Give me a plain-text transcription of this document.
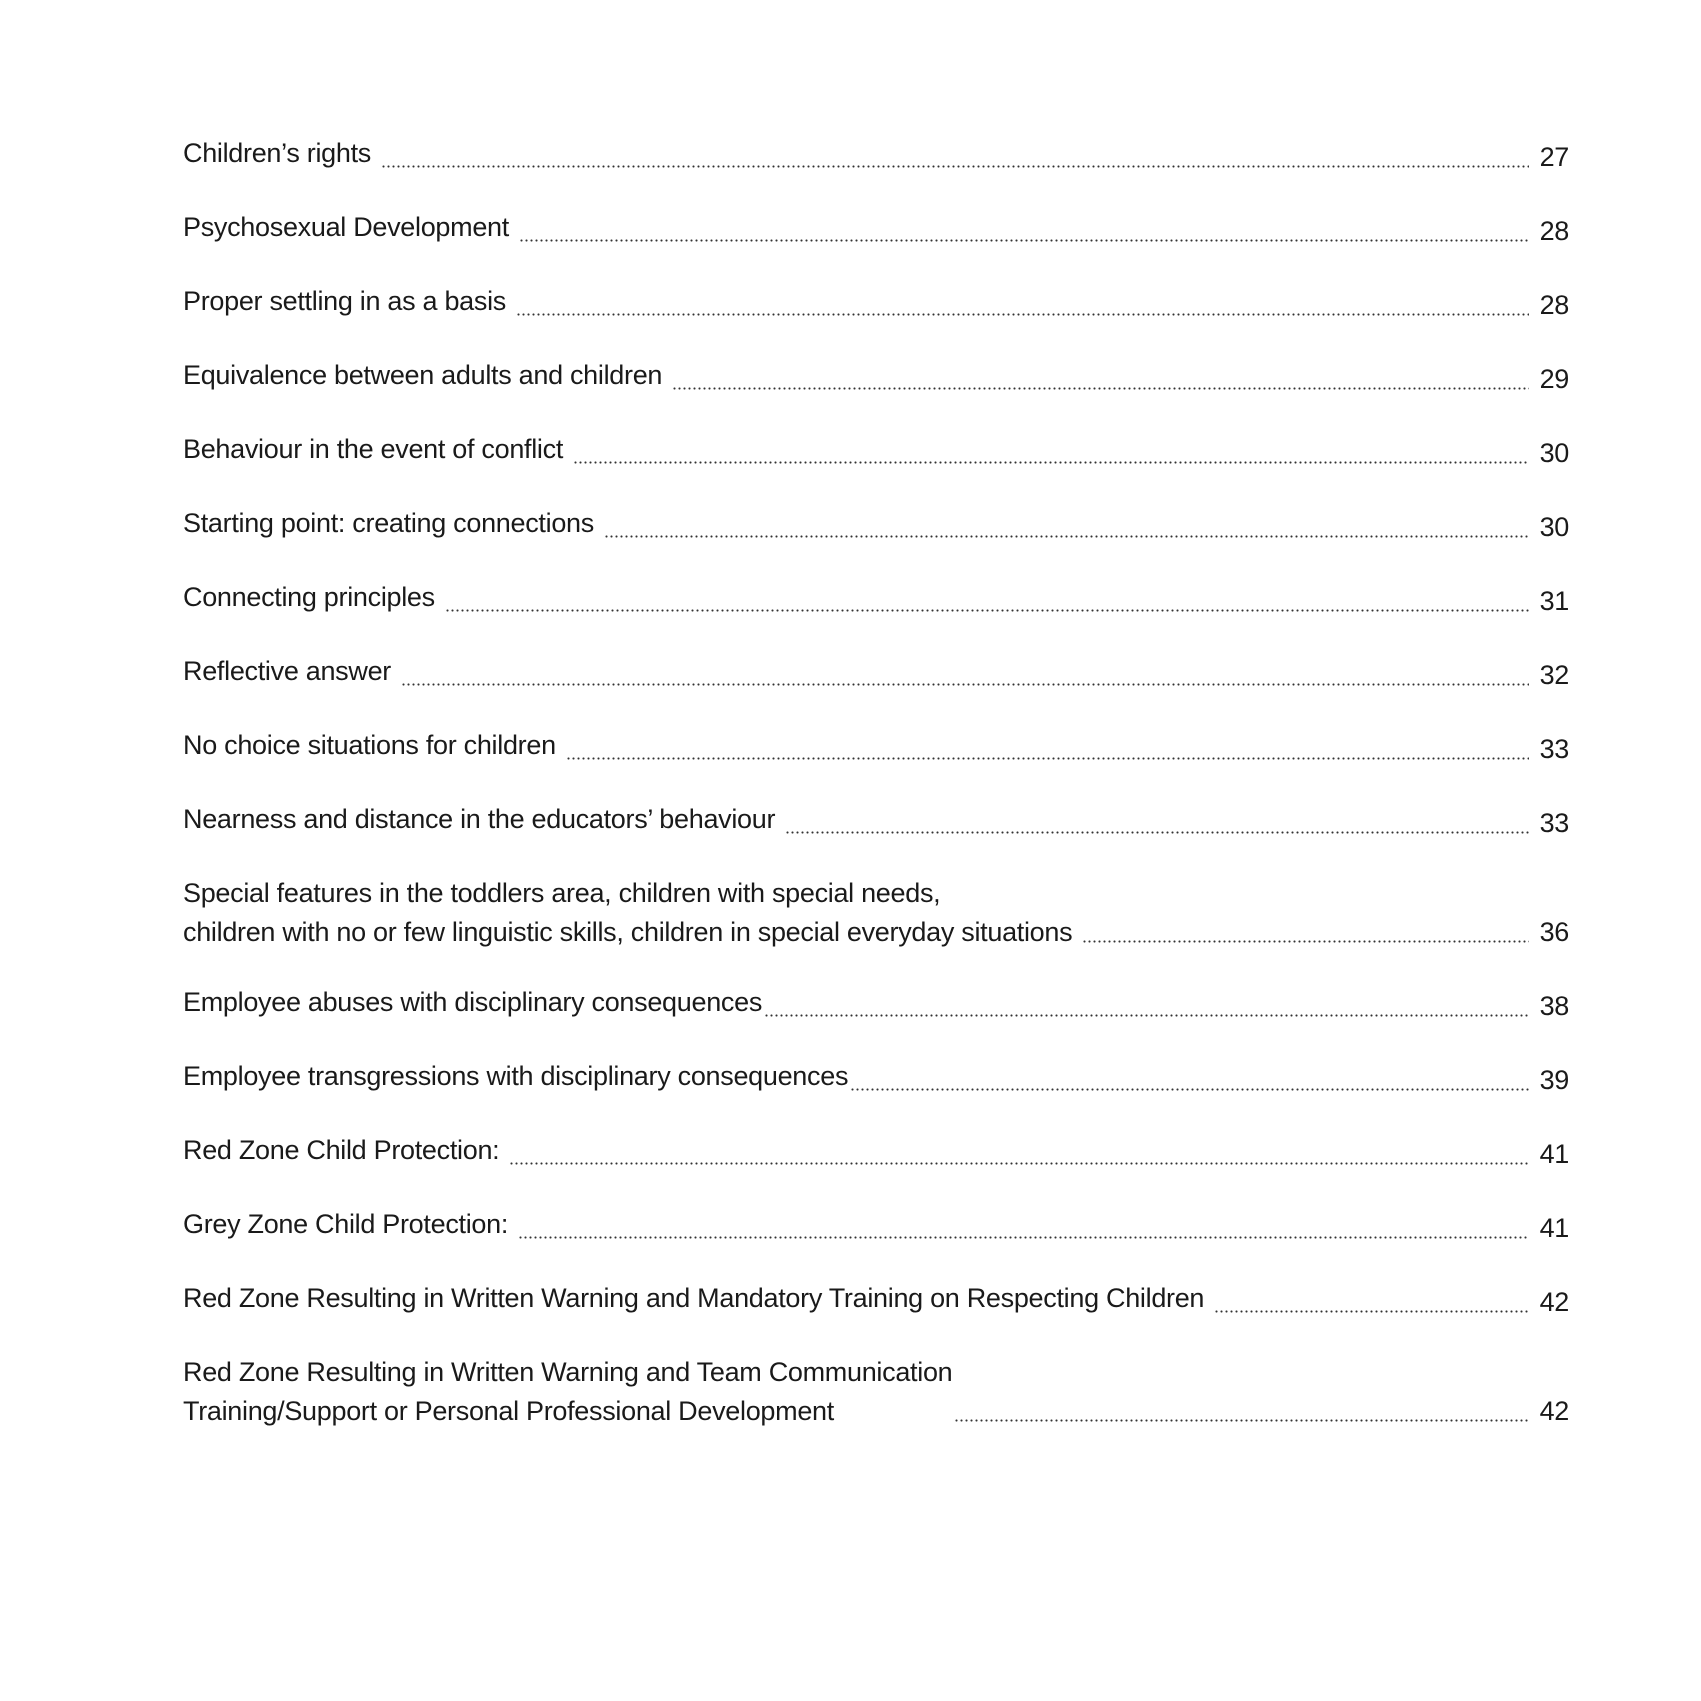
Children’s rights	27
Psychosexual Development	28
Proper settling in as a basis	28
Equivalence between adults and children	29
Behaviour in the event of conflict	30
Starting point: creating connections	30
Connecting principles	31
Reflective answer	32
No choice situations for children	33
Nearness and distance in the educators’ behaviour	33
Special features in the toddlers area, children with special needs,
children with no or few linguistic skills, children in special everyday situations	36
Employee abuses with disciplinary consequences	38
Employee transgressions with disciplinary consequences	39
Red Zone Child Protection:	41
Grey Zone Child Protection:	41
Red Zone Resulting in Written Warning and Mandatory Training on Respecting Children	42
Red Zone Resulting in Written Warning and Team Communication
Training/Support or Personal Professional Development	42
